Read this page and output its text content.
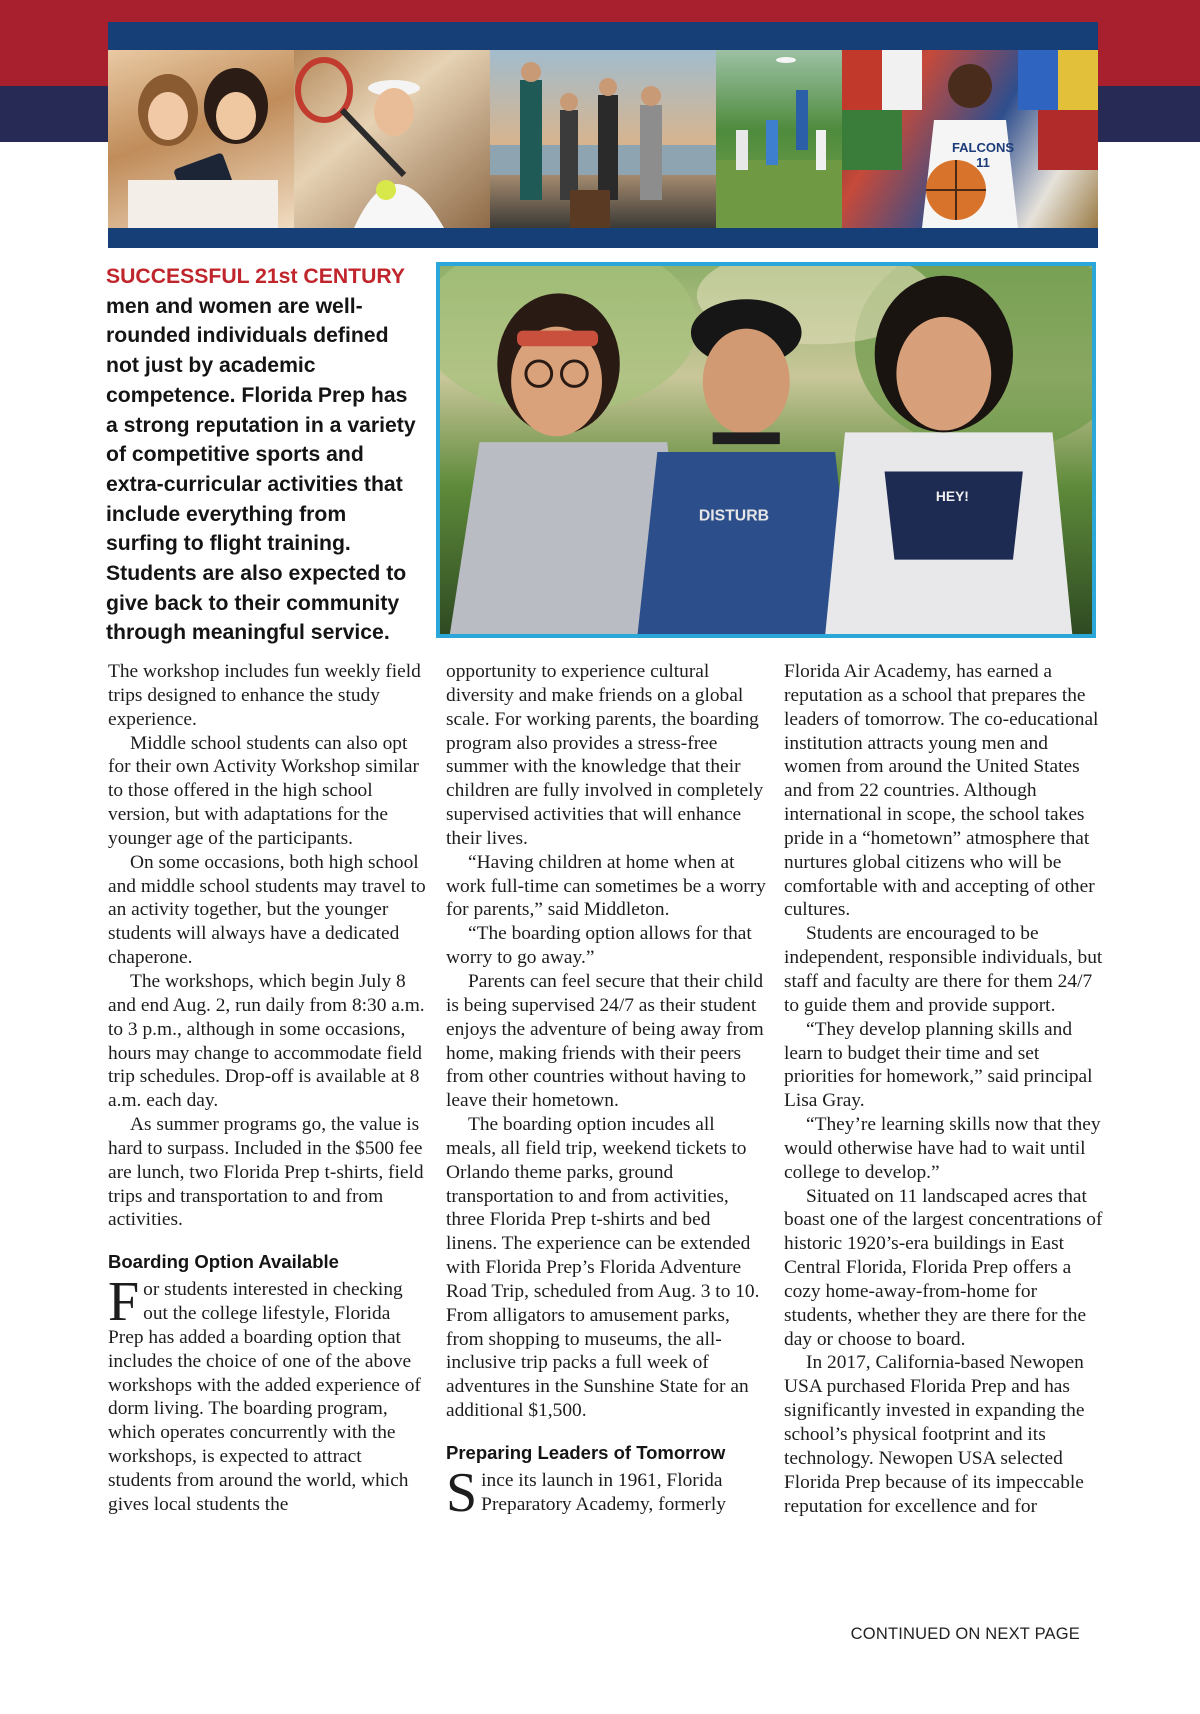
SUCCESSFUL 21st CENTURY men and women are well-rounded individuals defined not just by academic competence. Florida Prep has a strong reputation in a variety of competitive sports and extra-curricular activities that include everything from surfing to flight training. Students are also expected to give back to their community through meaningful service.
DISTURB
HEY!

The workshop includes fun weekly field trips designed to enhance the study experience.

Middle school students can also opt for their own Activity Workshop similar to those offered in the high school version, but with adaptations for the younger age of the participants.

On some occasions, both high school and middle school students may travel to an activity together, but the younger students will always have a dedicated chaperone.

The workshops, which begin July 8 and end Aug. 2, run daily from 8:30 a.m. to 3 p.m., although in some occasions, hours may change to accommodate field trip schedules. Drop-off is available at 8 a.m. each day.

As summer programs go, the value is hard to surpass. Included in the $500 fee are lunch, two Florida Prep t-shirts, field trips and transportation to and from activities.

Boarding Option Available

For students interested in checking out the college lifestyle, Florida Prep has added a boarding option that includes the choice of one of the above workshops with the added experience of dorm living. The boarding program, which operates concurrently with the workshops, is expected to attract students from around the world, which gives local students the

opportunity to experience cultural diversity and make friends on a global scale. For working parents, the boarding program also provides a stress-free summer with the knowledge that their children are fully involved in completely supervised activities that will enhance their lives.

“Having children at home when at work full-time can sometimes be a worry for parents,” said Middleton.

“The boarding option allows for that worry to go away.”

Parents can feel secure that their child is being supervised 24/7 as their student enjoys the adventure of being away from home, making friends with their peers from other countries without having to leave their hometown.

The boarding option incudes all meals, all field trip, weekend tickets to Orlando theme parks, ground transportation to and from activities, three Florida Prep t-shirts and bed linens. The experience can be extended with Florida Prep’s Florida Adventure Road Trip, scheduled from Aug. 3 to 10. From alligators to amusement parks, from shopping to museums, the all-inclusive trip packs a full week of adventures in the Sunshine State for an additional $1,500.

Preparing Leaders of Tomorrow

Since its launch in 1961, Florida Preparatory Academy, formerly

Florida Air Academy, has earned a reputation as a school that prepares the leaders of tomorrow. The co-educational institution attracts young men and women from around the United States and from 22 countries. Although international in scope, the school takes pride in a “hometown” atmosphere that nurtures global citizens who will be comfortable with and accepting of other cultures.

Students are encouraged to be independent, responsible individuals, but staff and faculty are there for them 24/7 to guide them and provide support.

“They develop planning skills and learn to budget their time and set priorities for homework,” said principal Lisa Gray.

“They’re learning skills now that they would otherwise have had to wait until college to develop.”

Situated on 11 landscaped acres that boast one of the largest concentrations of historic 1920’s-era buildings in East Central Florida, Florida Prep offers a cozy home-away-from-home for students, whether they are there for the day or choose to board.

In 2017, California-based Newopen USA purchased Florida Prep and has significantly invested in expanding the school’s physical footprint and its technology. Newopen USA selected Florida Prep because of its impeccable reputation for excellence and for

CONTINUED ON NEXT PAGE
FALCONS 11
